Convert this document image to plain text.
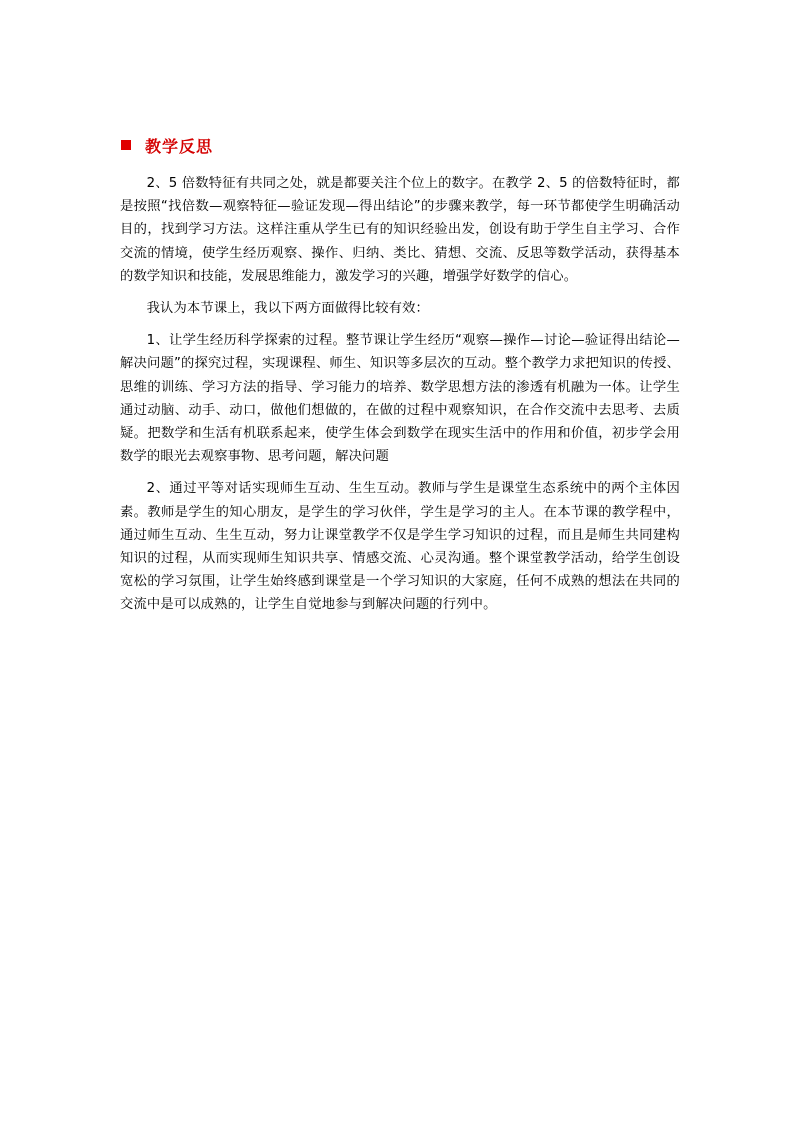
教学反思

2、5 倍数特征有共同之处，就是都要关注个位上的数字。在教学 2、5 的倍数特征时，都是按照“找倍数—观察特征—验证发现—得出结论”的步骤来教学，每一环节都使学生明确活动目的，找到学习方法。这样注重从学生已有的知识经验出发，创设有助于学生自主学习、合作交流的情境，使学生经历观察、操作、归纳、类比、猜想、交流、反思等数学活动，获得基本的数学知识和技能，发展思维能力，激发学习的兴趣，增强学好数学的信心。

我认为本节课上，我以下两方面做得比较有效：

1、让学生经历科学探索的过程。整节课让学生经历“观察—操作—讨论—验证得出结论—解决问题”的探究过程，实现课程、师生、知识等多层次的互动。整个教学力求把知识的传授、思维的训练、学习方法的指导、学习能力的培养、数学思想方法的渗透有机融为一体。让学生通过动脑、动手、动口，做他们想做的，在做的过程中观察知识，在合作交流中去思考、去质疑。把数学和生活有机联系起来，使学生体会到数学在现实生活中的作用和价值，初步学会用数学的眼光去观察事物、思考问题，解决问题

2、通过平等对话实现师生互动、生生互动。教师与学生是课堂生态系统中的两个主体因素。教师是学生的知心朋友，是学生的学习伙伴，学生是学习的主人。在本节课的教学程中，通过师生互动、生生互动，努力让课堂教学不仅是学生学习知识的过程，而且是师生共同建构知识的过程，从而实现师生知识共享、情感交流、心灵沟通。整个课堂教学活动，给学生创设宽松的学习氛围，让学生始终感到课堂是一个学习知识的大家庭，任何不成熟的想法在共同的交流中是可以成熟的，让学生自觉地参与到解决问题的行列中。
